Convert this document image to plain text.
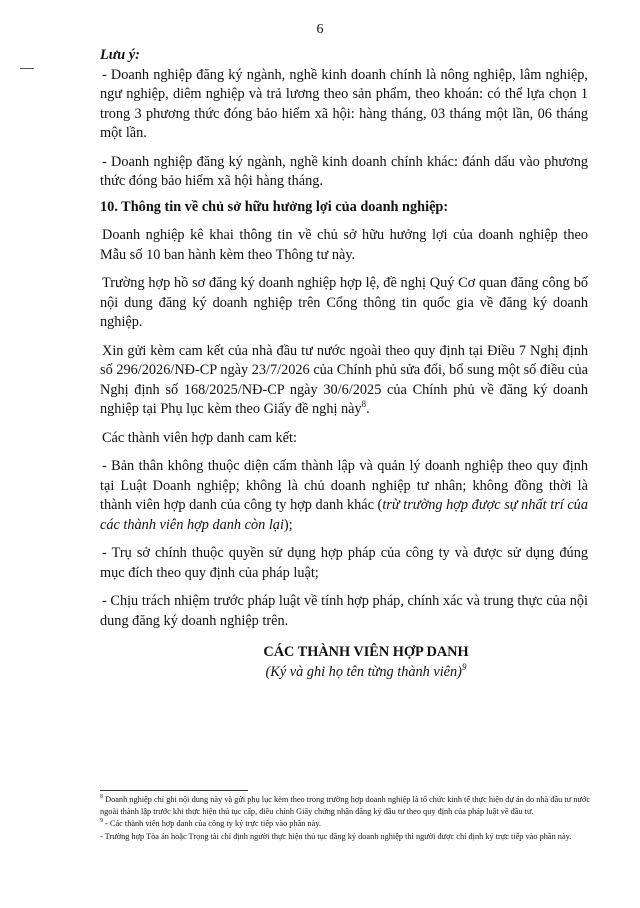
6

Lưu ý:

- Doanh nghiệp đăng ký ngành, nghề kinh doanh chính là nông nghiệp, lâm nghiệp, ngư nghiệp, diêm nghiệp và trả lương theo sản phẩm, theo khoán: có thể lựa chọn 1 trong 3 phương thức đóng bảo hiểm xã hội: hàng tháng, 03 tháng một lần, 06 tháng một lần.

- Doanh nghiệp đăng ký ngành, nghề kinh doanh chính khác: đánh dấu vào phương thức đóng bảo hiểm xã hội hàng tháng.

10. Thông tin về chủ sở hữu hưởng lợi của doanh nghiệp:

Doanh nghiệp kê khai thông tin về chủ sở hữu hưởng lợi của doanh nghiệp theo Mẫu số 10 ban hành kèm theo Thông tư này.

Trường hợp hồ sơ đăng ký doanh nghiệp hợp lệ, đề nghị Quý Cơ quan đăng công bố nội dung đăng ký doanh nghiệp trên Cổng thông tin quốc gia về đăng ký doanh nghiệp.

Xin gửi kèm cam kết của nhà đầu tư nước ngoài theo quy định tại Điều 7 Nghị định số 296/2026/NĐ-CP ngày 23/7/2026 của Chính phủ sửa đổi, bổ sung một số điều của Nghị định số 168/2025/NĐ-CP ngày 30/6/2025 của Chính phủ về đăng ký doanh nghiệp tại Phụ lục kèm theo Giấy đề nghị này$^8$.

Các thành viên hợp danh cam kết:

- Bản thân không thuộc diện cấm thành lập và quản lý doanh nghiệp theo quy định tại Luật Doanh nghiệp; không là chủ doanh nghiệp tư nhân; không đồng thời là thành viên hợp danh của công ty hợp danh khác (trừ trường hợp được sự nhất trí của các thành viên hợp danh còn lại);

- Trụ sở chính thuộc quyền sử dụng hợp pháp của công ty và được sử dụng đúng mục đích theo quy định của pháp luật;

- Chịu trách nhiệm trước pháp luật về tính hợp pháp, chính xác và trung thực của nội dung đăng ký doanh nghiệp trên.

CÁC THÀNH VIÊN HỢP DANH
(Ký và ghi họ tên từng thành viên)$^9$

$^8$ Doanh nghiệp chỉ ghi nội dung này và gửi phụ lục kèm theo trong trường hợp doanh nghiệp là tổ chức kinh tế thực hiện dự án do nhà đầu tư nước ngoài thành lập trước khi thực hiện thủ tục cấp, điều chỉnh Giấy chứng nhận đăng ký đầu tư theo quy định của pháp luật về đầu tư.

$^9$ - Các thành viên hợp danh của công ty ký trực tiếp vào phần này.

- Trường hợp Tòa án hoặc Trọng tài chỉ định người thực hiện thủ tục đăng ký doanh nghiệp thì người được chỉ định ký trực tiếp vào phần này.
